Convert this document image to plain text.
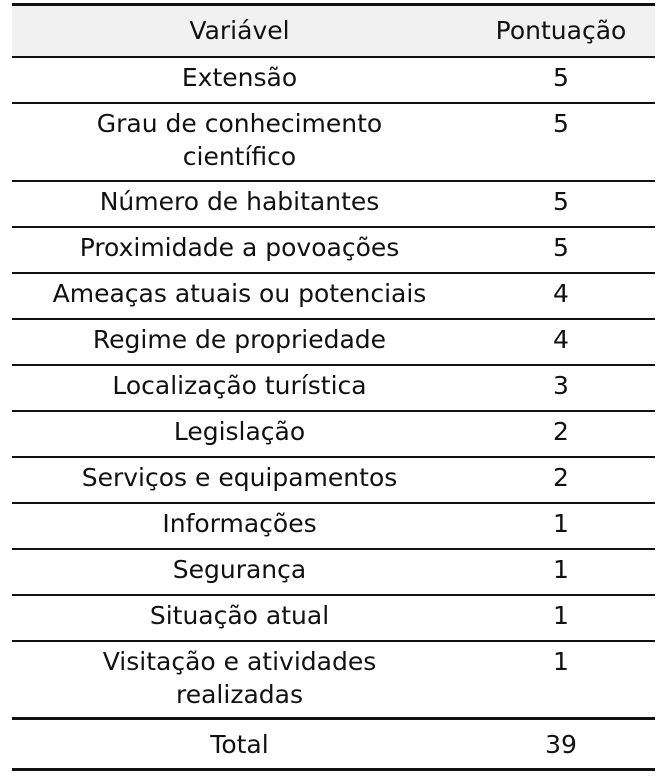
Variável	Pontuação

Extensão	5

Grau de conhecimento científico	5

Número de habitantes	5

Proximidade a povoações	5

Ameaças atuais ou potenciais	4

Regime de propriedade	4

Localização turística	3

Legislação	2

Serviços e equipamentos	2

Informações	1

Segurança	1

Situação atual	1

Visitação e atividades realizadas	1
Total	39
